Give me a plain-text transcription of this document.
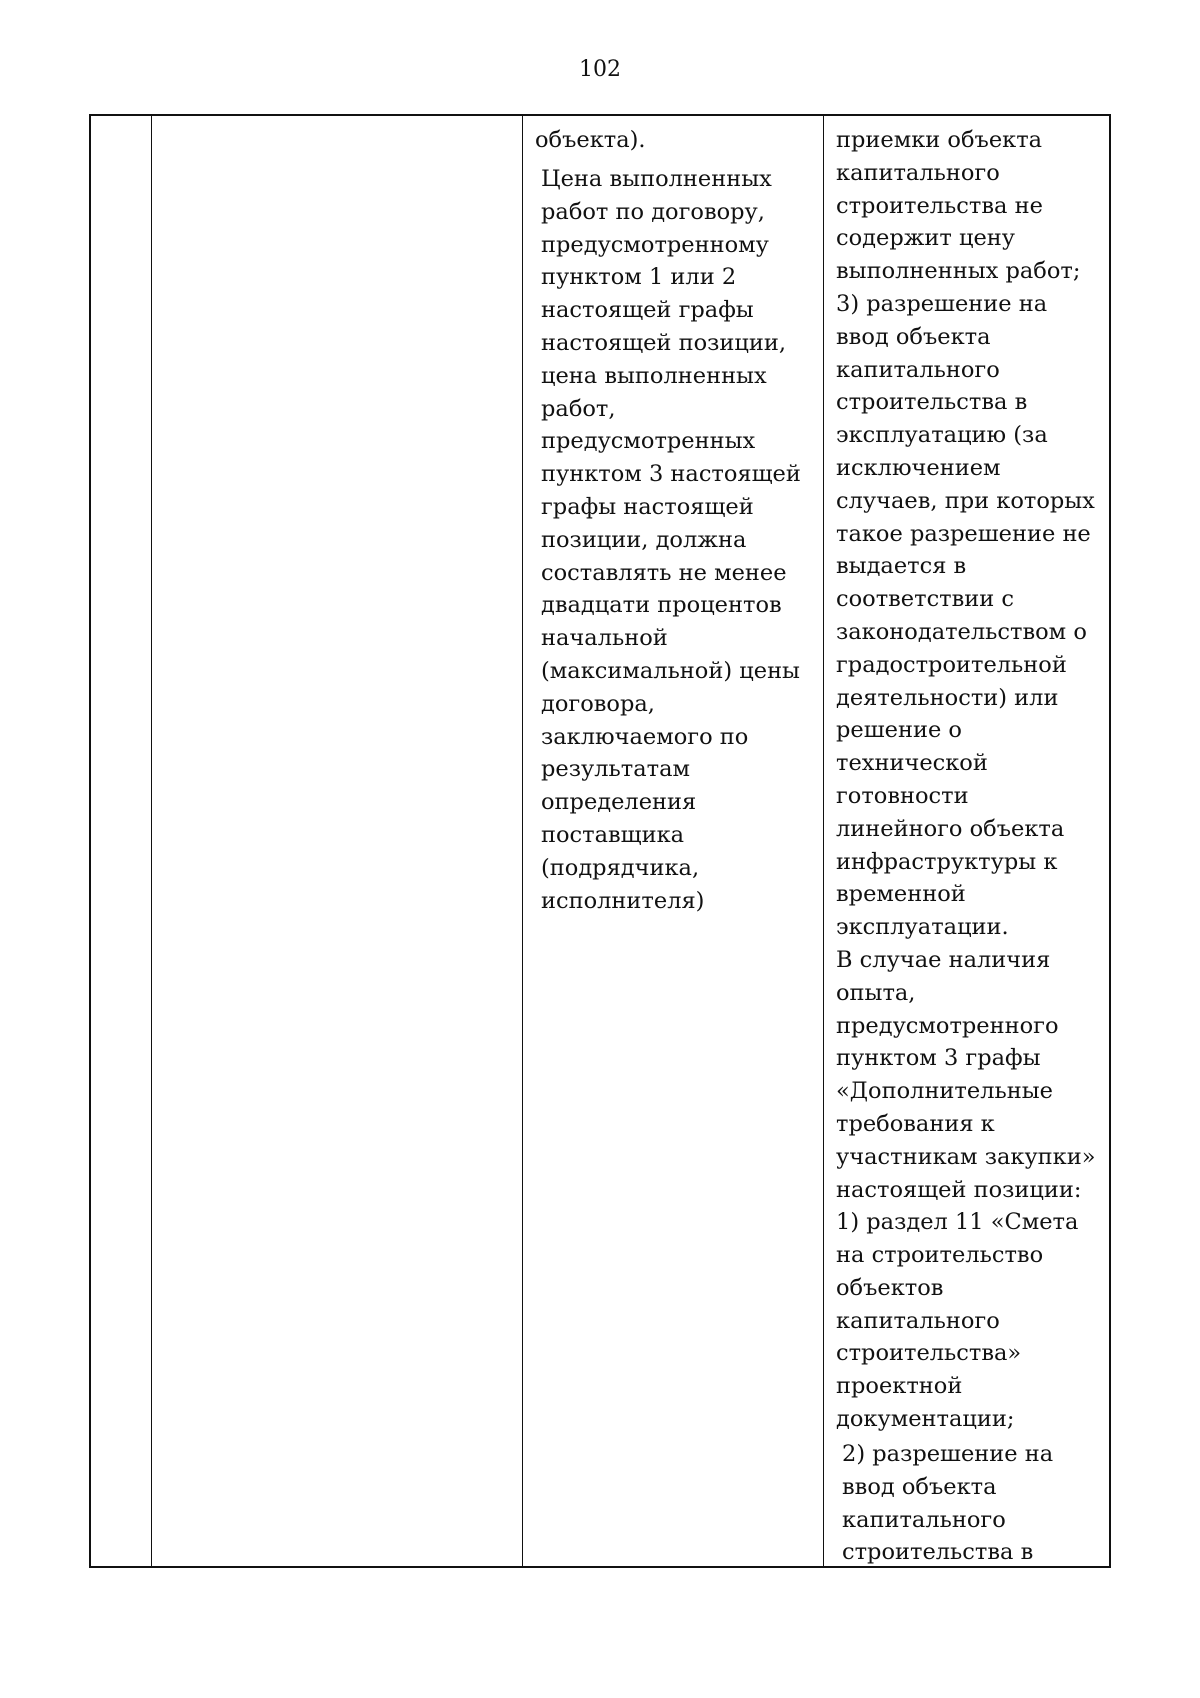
102
объекта).
Цена выполненных
работ по договору,
предусмотренному
пунктом 1 или 2
настоящей графы
настоящей позиции,
цена выполненных
работ,
предусмотренных
пунктом 3 настоящей
графы настоящей
позиции, должна
составлять не менее
двадцати процентов
начальной
(максимальной) цены
договора,
заключаемого по
результатам
определения
поставщика
(подрядчика,
исполнителя)
приемки объекта
капитального
строительства не
содержит цену
выполненных работ;
3) разрешение на
ввод объекта
капитального
строительства в
эксплуатацию (за
исключением
случаев, при которых
такое разрешение не
выдается в
соответствии с
законодательством о
градостроительной
деятельности) или
решение о
технической
готовности
линейного объекта
инфраструктуры к
временной
эксплуатации.
В случае наличия
опыта,
предусмотренного
пунктом 3 графы
«Дополнительные
требования к
участникам закупки»
настоящей позиции:
1) раздел 11 «Смета
на строительство
объектов
капитального
строительства»
проектной
документации;
2) разрешение на
ввод объекта
капитального
строительства в
